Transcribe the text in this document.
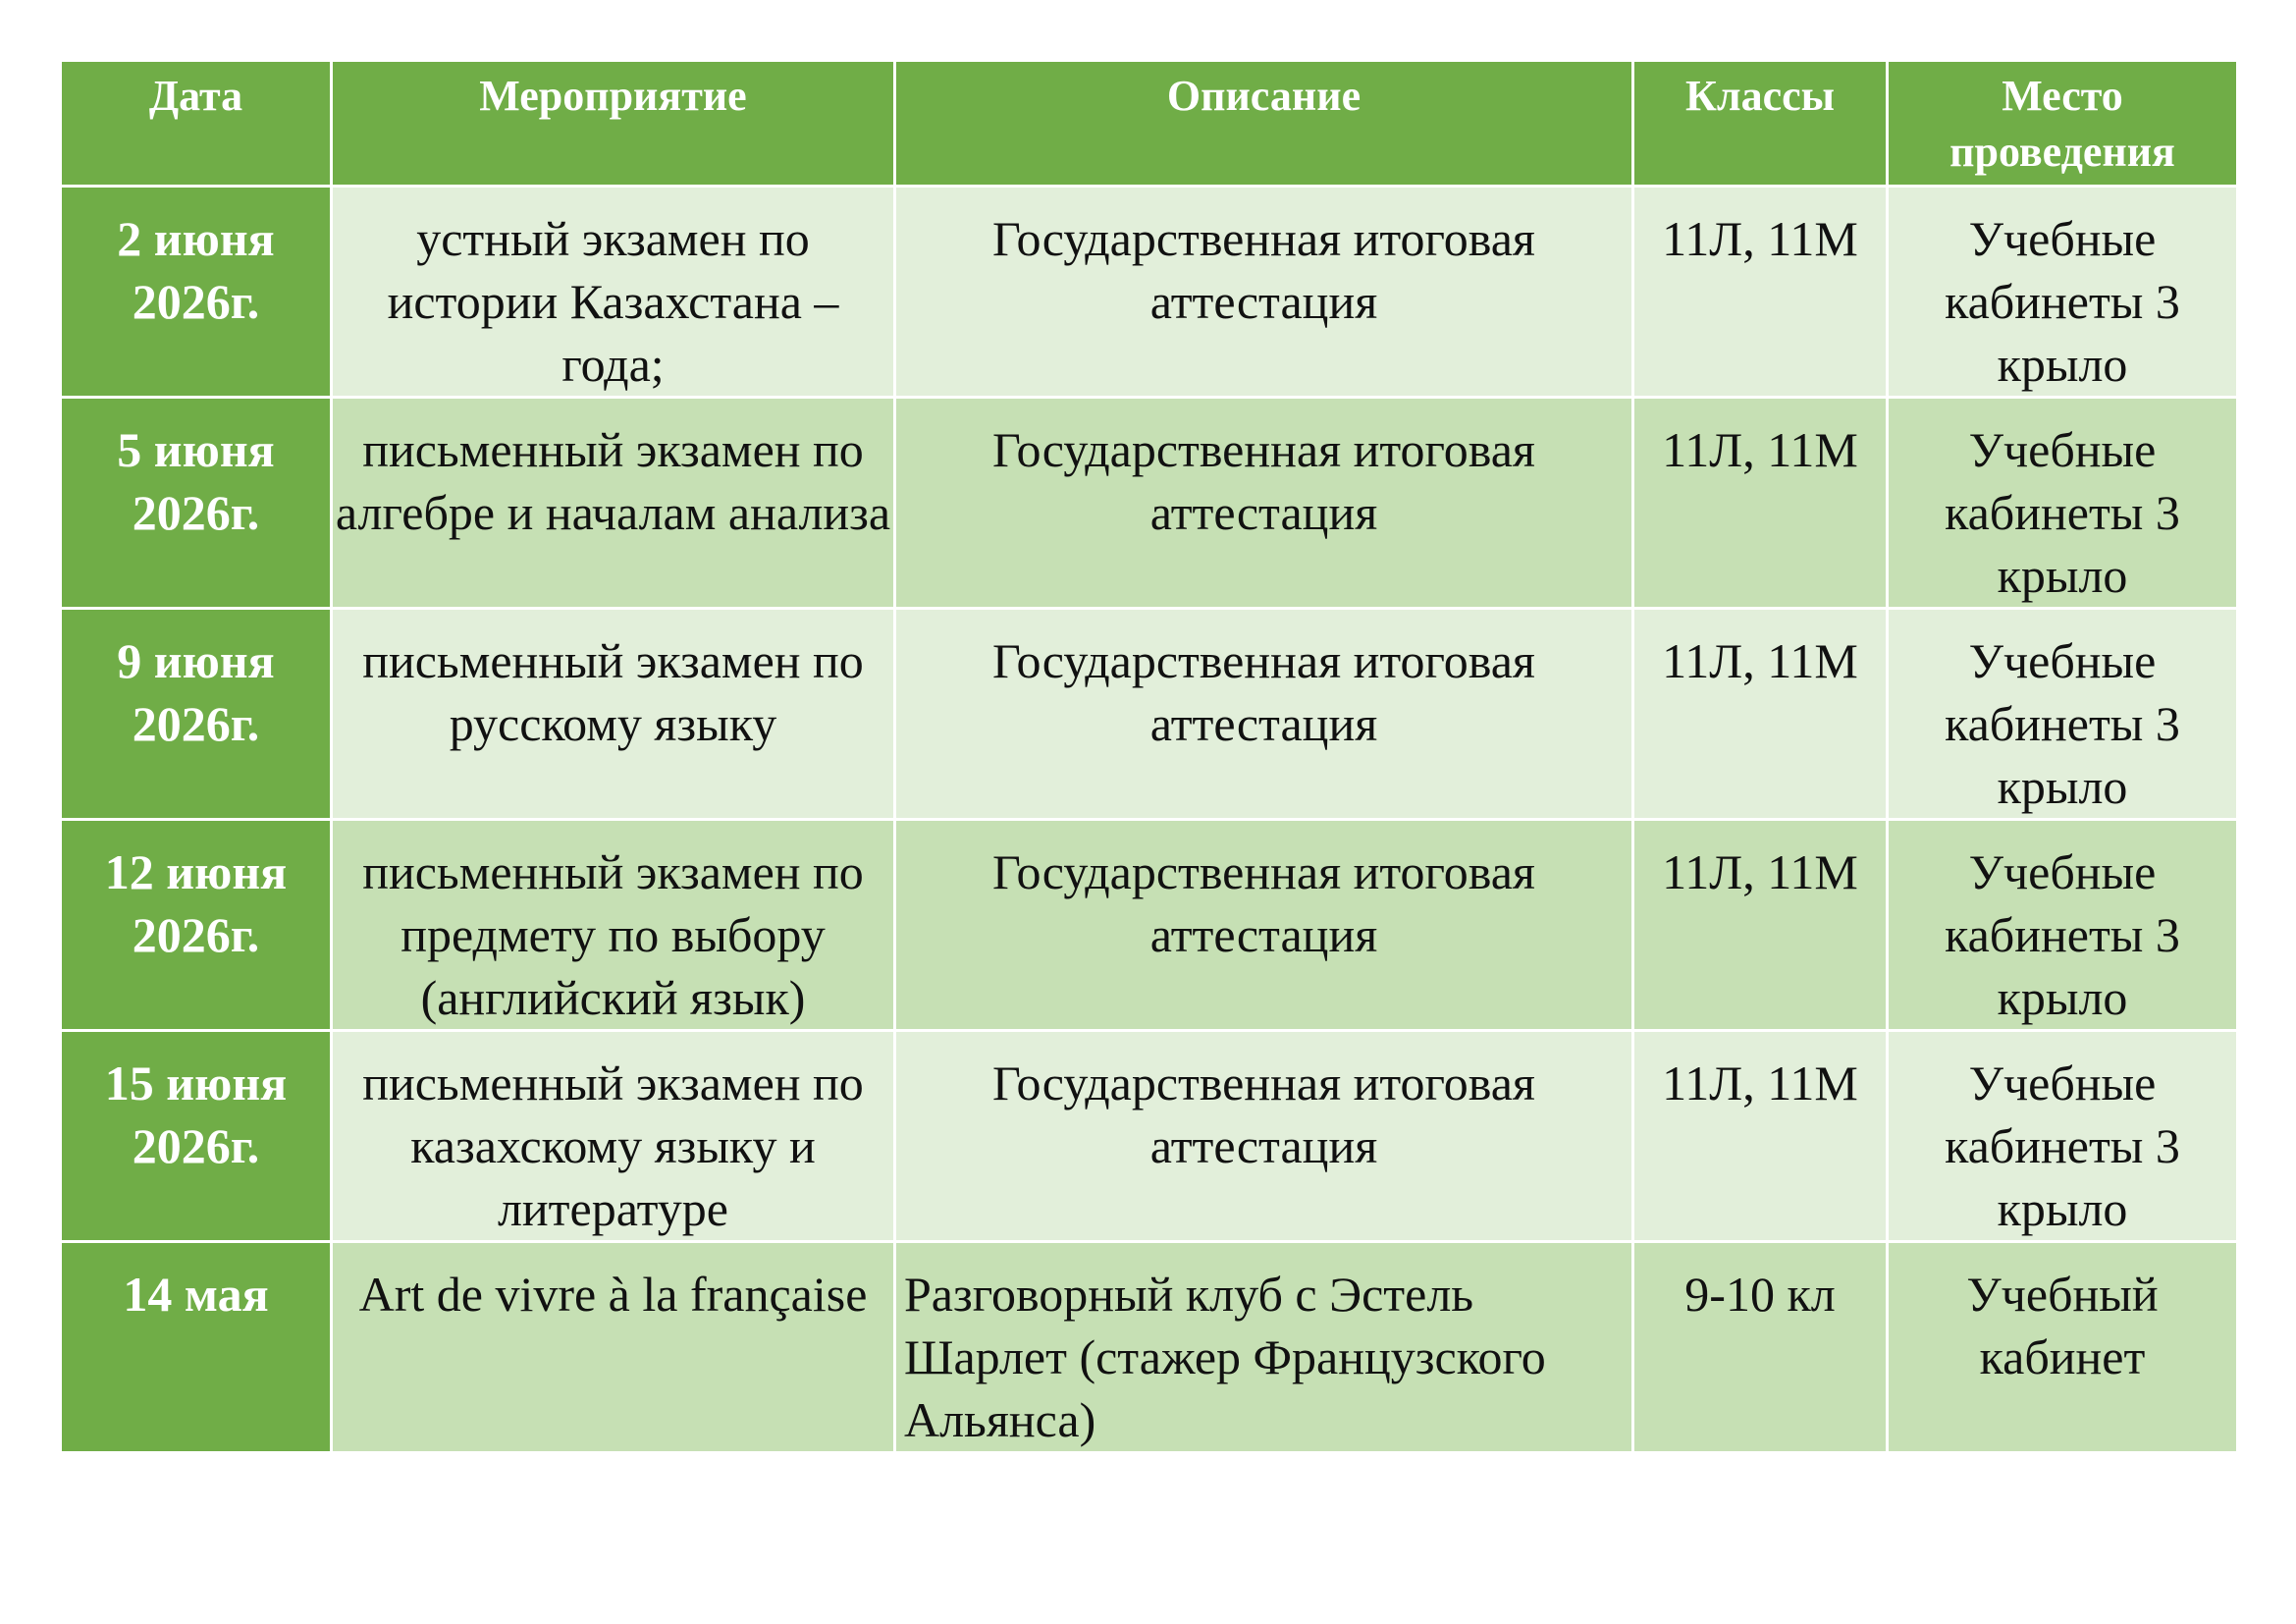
Дата	Мероприятие	Описание	Классы	Место проведения
2 июня 2026г.	устный экзамен по истории Казахстана – года;	Государственная итоговая аттестация	11Л, 11М	Учебные кабинеты 3 крыло
5 июня 2026г.	письменный экзамен по алгебре и началам анализа	Государственная итоговая аттестация	11Л, 11М	Учебные кабинеты 3 крыло
9 июня 2026г.	письменный экзамен по русскому языку	Государственная итоговая аттестация	11Л, 11М	Учебные кабинеты 3 крыло
12 июня 2026г.	письменный экзамен по предмету по выбору (английский язык)	Государственная итоговая аттестация	11Л, 11М	Учебные кабинеты 3 крыло
15 июня 2026г.	письменный экзамен по казахскому языку и литературе	Государственная итоговая аттестация	11Л, 11М	Учебные кабинеты 3 крыло
14 мая	Art de vivre à la française	Разговорный клуб с Эстель Шарлет (стажер Французского Альянса)	9-10 кл	Учебный кабинет
